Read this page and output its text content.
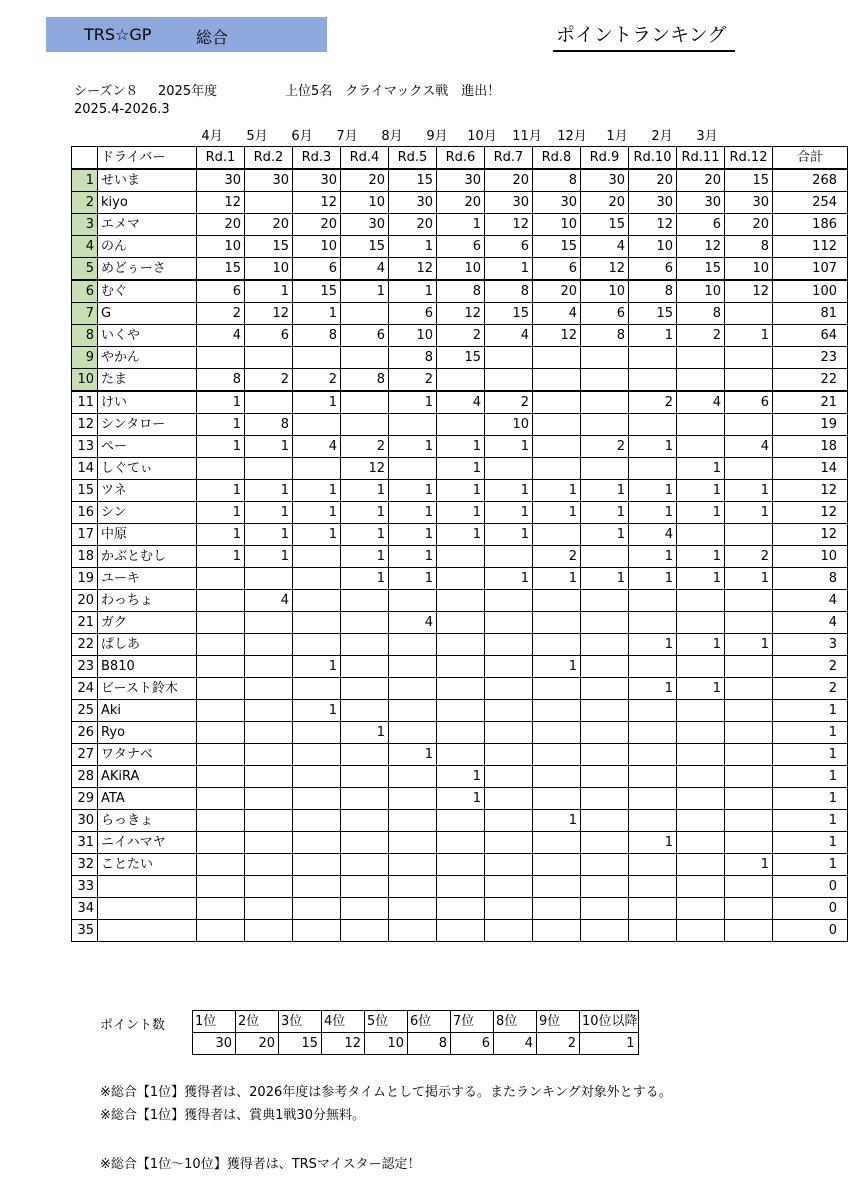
TRS☆GP	総合	ポイントランキング
シーズン８ 2025年度	上位5名　クライマックス戦　進出！
2025.4-2026.3
4月	5月	6月	7月	8月	9月	10月	11月	12月	1月	2月	3月
	ドライバー	Rd.1	Rd.2	Rd.3	Rd.4	Rd.5	Rd.6	Rd.7	Rd.8	Rd.9	Rd.10	Rd.11	Rd.12	合計
1	せいま	30	30	30	20	15	30	20	8	30	20	20	15	268
2	kiyo	12		12	10	30	20	30	30	20	30	30	30	254
3	エメマ	20	20	20	30	20	1	12	10	15	12	6	20	186
4	のん	10	15	10	15	1	6	6	15	4	10	12	8	112
5	めどぅーさ	15	10	6	4	12	10	1	6	12	6	15	10	107
6	むぐ	6	1	15	1	1	8	8	20	10	8	10	12	100
7	G	2	12	1		6	12	15	4	6	15	8		81
8	いくや	4	6	8	6	10	2	4	12	8	1	2	1	64
9	やかん					8	15							23
10	たま	8	2	2	8	2								22
11	けい	1		1		1	4	2			2	4	6	21
12	シンタロー	1	8					10						19
13	ペー	1	1	4	2	1	1	1		2	1		4	18
14	しぐてぃ				12		1					1		14
15	ツネ	1	1	1	1	1	1	1	1	1	1	1	1	12
16	シン	1	1	1	1	1	1	1	1	1	1	1	1	12
17	中原	1	1	1	1	1	1	1		1	4			12
18	かぶとむし	1	1		1	1			2		1	1	2	10
19	ユーキ				1	1		1	1	1	1	1	1	8
20	わっちょ		4											4
21	ガク					4								4
22	ぱしあ										1	1	1	3
23	B810			1					1					2
24	ビースト鈴木										1	1		2
25	Aki			1										1
26	Ryo				1									1
27	ワタナベ					1								1
28	AKiRA						1							1
29	ATA						1							1
30	らっきょ								1					1
31	ニイハマヤ										1			1
32	ことたい												1	1
33														0
34														0
35														0
ポイント数 1位	2位	3位	4位	5位	6位	7位	8位	9位	10位以降
30	20	15	12	10	8	6	4	2	1
※総合【1位】獲得者は、2026年度は参考タイムとして掲示する。またランキング対象外とする。
※総合【1位】獲得者は、賞典1戦30分無料。
※総合【1位～10位】獲得者は、TRSマイスター認定！
